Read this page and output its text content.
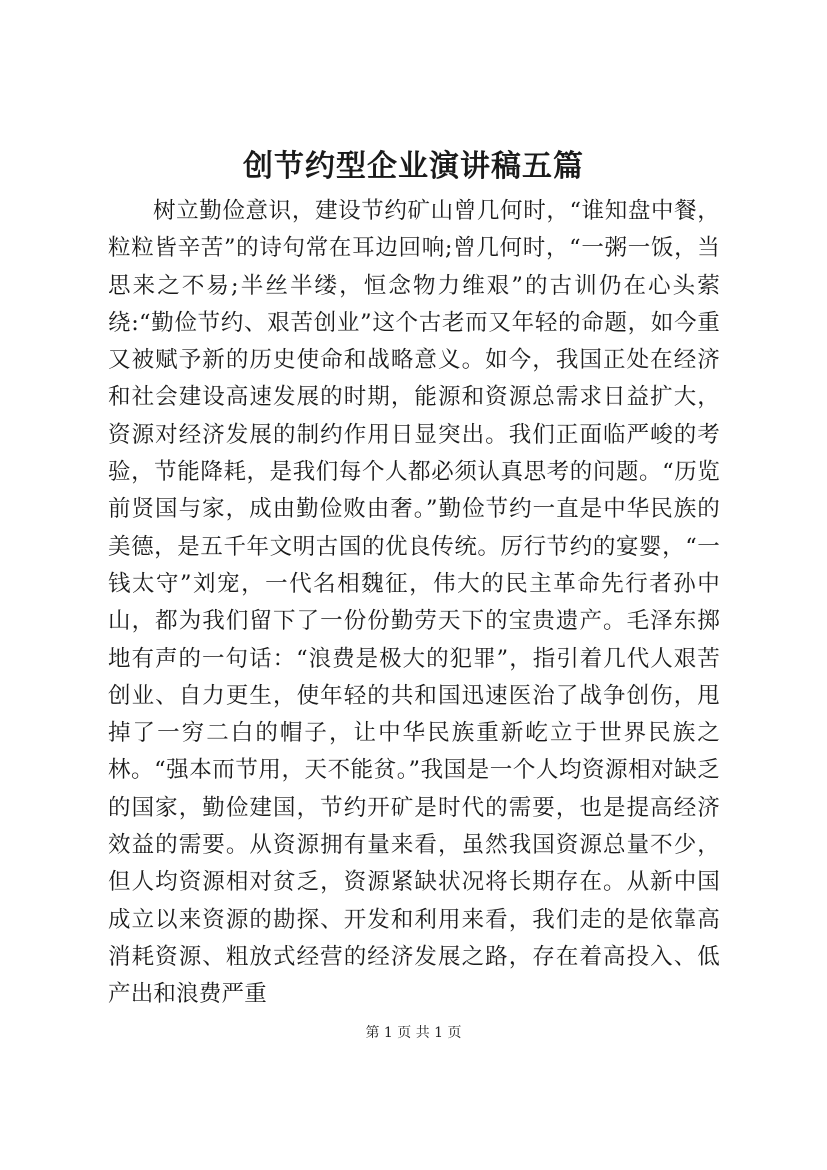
创节约型企业演讲稿五篇

树立勤俭意识，建设节约矿山曾几何时，“谁知盘中餐，粒粒皆辛苦”的诗句常在耳边回响;曾几何时，“一粥一饭，当思来之不易;半丝半缕，恒念物力维艰”的古训仍在心头萦绕:“勤俭节约、艰苦创业”这个古老而又年轻的命题，如今重又被赋予新的历史使命和战略意义。如今，我国正处在经济和社会建设高速发展的时期，能源和资源总需求日益扩大，资源对经济发展的制约作用日显突出。我们正面临严峻的考验，节能降耗，是我们每个人都必须认真思考的问题。“历览前贤国与家，成由勤俭败由奢。”勤俭节约一直是中华民族的美德，是五千年文明古国的优良传统。厉行节约的宴婴，“一钱太守”刘宠，一代名相魏征，伟大的民主革命先行者孙中山，都为我们留下了一份份勤劳天下的宝贵遗产。毛泽东掷地有声的一句话：“浪费是极大的犯罪”，指引着几代人艰苦创业、自力更生，使年轻的共和国迅速医治了战争创伤，甩掉了一穷二白的帽子，让中华民族重新屹立于世界民族之林。“强本而节用，天不能贫。”我国是一个人均资源相对缺乏的国家，勤俭建国，节约开矿是时代的需要，也是提高经济效益的需要。从资源拥有量来看，虽然我国资源总量不少，但人均资源相对贫乏，资源紧缺状况将长期存在。从新中国成立以来资源的勘探、开发和利用来看，我们走的是依靠高消耗资源、粗放式经营的经济发展之路，存在着高投入、低产出和浪费严重

第 1 页 共 1 页
